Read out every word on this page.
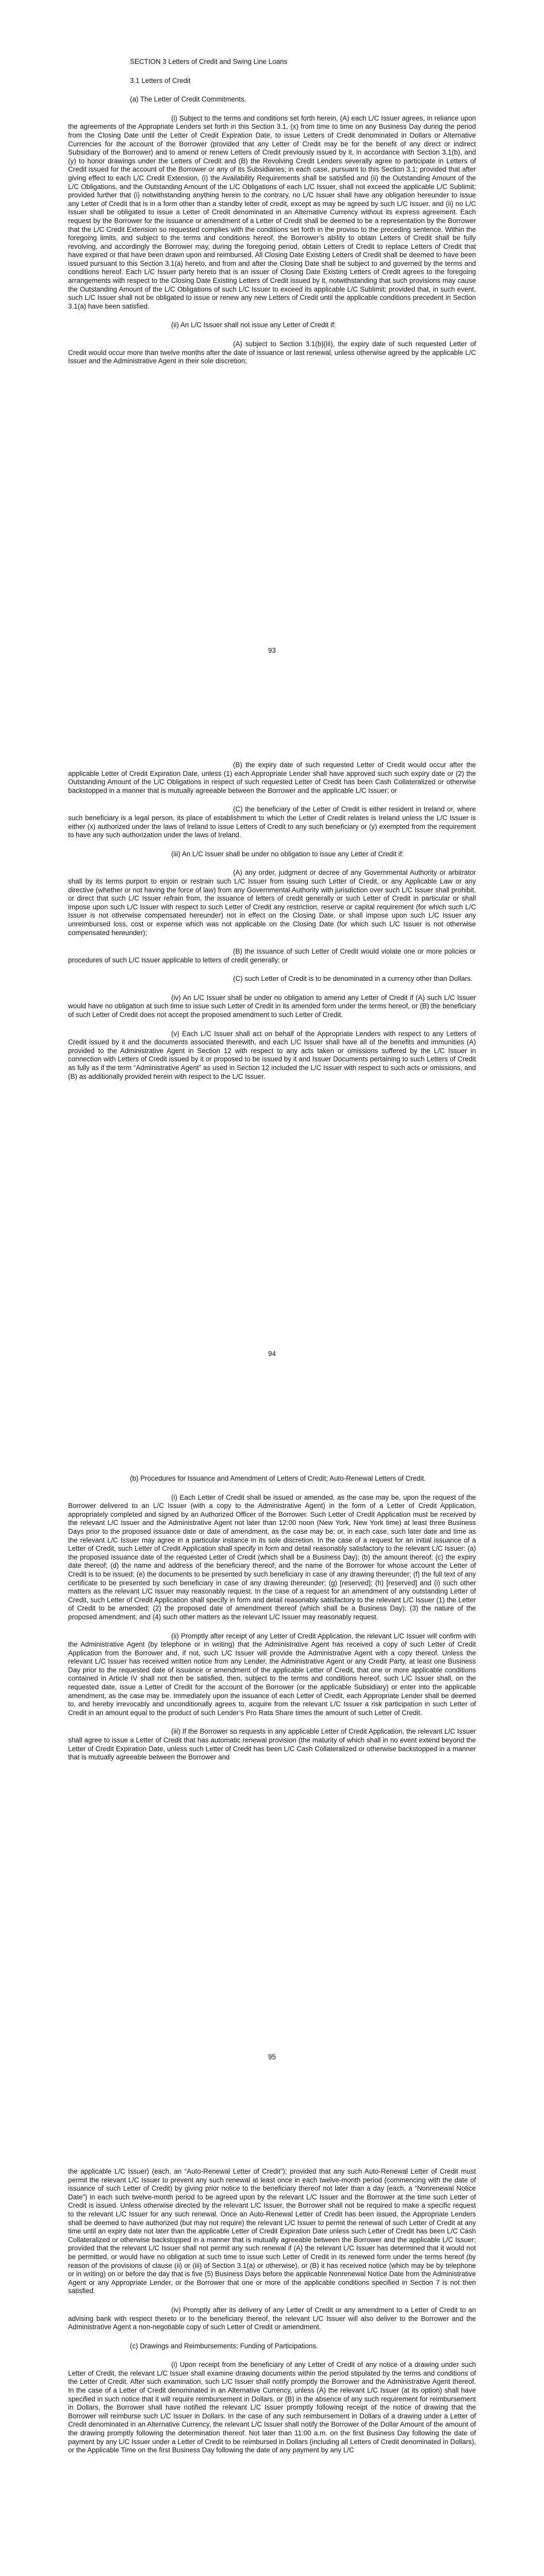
SECTION 3 Letters of Credit and Swing Line Loans

3.1 Letters of Credit

(a) The Letter of Credit Commitments.

(i) Subject to the terms and conditions set forth herein, (A) each L/C Issuer agrees, in reliance upon the agreements of the Appropriate Lenders set forth in this Section 3.1, (x) from time to time on any Business Day during the period from the Closing Date until the Letter of Credit Expiration Date, to issue Letters of Credit denominated in Dollars or Alternative Currencies for the account of the Borrower (provided that any Letter of Credit may be for the benefit of any direct or indirect Subsidiary of the Borrower) and to amend or renew Letters of Credit previously issued by it, in accordance with Section 3.1(b), and (y) to honor drawings under the Letters of Credit and (B) the Revolving Credit Lenders severally agree to participate in Letters of Credit issued for the account of the Borrower or any of its Subsidiaries; in each case, pursuant to this Section 3.1; provided that after giving effect to each L/C Credit Extension, (i) the Availability Requirements shall be satisfied and (ii) the Outstanding Amount of the L/C Obligations, and the Outstanding Amount of the L/C Obligations of each L/C Issuer, shall not exceed the applicable L/C Sublimit; provided further that (i) notwithstanding anything herein to the contrary, no L/C Issuer shall have any obligation hereunder to issue any Letter of Credit that is in a form other than a standby letter of credit, except as may be agreed by such L/C Issuer, and (ii) no L/C Issuer shall be obligated to issue a Letter of Credit denominated in an Alternative Currency without its express agreement. Each request by the Borrower for the issuance or amendment of a Letter of Credit shall be deemed to be a representation by the Borrower that the L/C Credit Extension so requested complies with the conditions set forth in the proviso to the preceding sentence. Within the foregoing limits, and subject to the terms and conditions hereof, the Borrower’s ability to obtain Letters of Credit shall be fully revolving, and accordingly the Borrower may, during the foregoing period, obtain Letters of Credit to replace Letters of Credit that have expired or that have been drawn upon and reimbursed. All Closing Date Existing Letters of Credit shall be deemed to have been issued pursuant to this Section 3.1(a) hereto, and from and after the Closing Date shall be subject to and governed by the terms and conditions hereof. Each L/C Issuer party hereto that is an issuer of Closing Date Existing Letters of Credit agrees to the foregoing arrangements with respect to the Closing Date Existing Letters of Credit issued by it, notwithstanding that such provisions may cause the Outstanding Amount of the L/C Obligations of such L/C Issuer to exceed its applicable L/C Sublimit; provided that, in such event, such L/C Issuer shall not be obligated to issue or renew any new Letters of Credit until the applicable conditions precedent in Section 3.1(a) have been satisfied.

(ii) An L/C Issuer shall not issue any Letter of Credit if:

(A) subject to Section 3.1(b)(iii), the expiry date of such requested Letter of Credit would occur more than twelve months after the date of issuance or last renewal, unless otherwise agreed by the applicable L/C Issuer and the Administrative Agent in their sole discretion;

93

(B) the expiry date of such requested Letter of Credit would occur after the applicable Letter of Credit Expiration Date, unless (1) each Appropriate Lender shall have approved such such expiry date or (2) the Outstanding Amount of the L/C Obligations in respect of such requested Letter of Credit has been Cash Collateralized or otherwise backstopped in a manner that is mutually agreeable between the Borrower and the applicable L/C Issuer; or

(C) the beneficiary of the Letter of Credit is either resident in Ireland or, where such beneficiary is a legal person, its place of establishment to which the Letter of Credit relates is Ireland unless the L/C Issuer is either (x) authorized under the laws of Ireland to issue Letters of Credit to any such beneficiary or (y) exempted from the requirement to have any such authorization under the laws of Ireland.

(iii) An L/C Issuer shall be under no obligation to issue any Letter of Credit if:

(A) any order, judgment or decree of any Governmental Authority or arbitrator shall by its terms purport to enjoin or restrain such L/C Issuer from issuing such Letter of Credit, or any Applicable Law or any directive (whether or not having the force of law) from any Governmental Authority with jurisdiction over such L/C Issuer shall prohibit, or direct that such L/C Issuer refrain from, the issuance of letters of credit generally or such Letter of Credit in particular or shall impose upon such L/C Issuer with respect to such Letter of Credit any restriction, reserve or capital requirement (for which such L/C Issuer is not otherwise compensated hereunder) not in effect on the Closing Date, or shall impose upon such L/C Issuer any unreimbursed loss, cost or expense which was not applicable on the Closing Date (for which such L/C Issuer is not otherwise compensated hereunder);

(B) the issuance of such Letter of Credit would violate one or more policies or procedures of such L/C Issuer applicable to letters of credit generally; or

(C) such Letter of Credit is to be denominated in a currency other than Dollars.

(iv) An L/C Issuer shall be under no obligation to amend any Letter of Credit if (A) such L/C Issuer would have no obligation at such time to issue such Letter of Credit in its amended form under the terms hereof, or (B) the beneficiary of such Letter of Credit does not accept the proposed amendment to such Letter of Credit.

(v) Each L/C Issuer shall act on behalf of the Appropriate Lenders with respect to any Letters of Credit issued by it and the documents associated therewith, and each L/C Issuer shall have all of the benefits and immunities (A) provided to the Administrative Agent in Section 12 with respect to any acts taken or omissions suffered by the L/C Issuer in connection with Letters of Credit issued by it or proposed to be issued by it and Issuer Documents pertaining to such Letters of Credit as fully as if the term “Administrative Agent” as used in Section 12 included the L/C Issuer with respect to such acts or omissions, and (B) as additionally provided herein with respect to the L/C Issuer.

94

(b) Procedures for Issuance and Amendment of Letters of Credit; Auto-Renewal Letters of Credit.

(i) Each Letter of Credit shall be issued or amended, as the case may be, upon the request of the Borrower delivered to an L/C Issuer (with a copy to the Administrative Agent) in the form of a Letter of Credit Application, appropriately completed and signed by an Authorized Officer of the Borrower. Such Letter of Credit Application must be received by the relevant L/C Issuer and the Administrative Agent not later than 12:00 noon (New York, New York time) at least three Business Days prior to the proposed issuance date or date of amendment, as the case may be; or, in each case, such later date and time as the relevant L/C Issuer may agree in a particular instance in its sole discretion. In the case of a request for an initial issuance of a Letter of Credit, such Letter of Credit Application shall specify in form and detail reasonably satisfactory to the relevant L/C Issuer: (a) the proposed issuance date of the requested Letter of Credit (which shall be a Business Day); (b) the amount thereof; (c) the expiry date thereof; (d) the name and address of the beneficiary thereof; and the name of the Borrower for whose account the Letter of Credit is to be issued; (e) the documents to be presented by such beneficiary in case of any drawing thereunder; (f) the full text of any certificate to be presented by such beneficiary in case of any drawing thereunder; (g) [reserved]; (h) [reserved] and (i) such other matters as the relevant L/C Issuer may reasonably request. In the case of a request for an amendment of any outstanding Letter of Credit, such Letter of Credit Application shall specify in form and detail reasonably satisfactory to the relevant L/C Issuer (1) the Letter of Credit to be amended; (2) the proposed date of amendment thereof (which shall be a Business Day); (3) the nature of the proposed amendment; and (4) such other matters as the relevant L/C Issuer may reasonably request.

(ii) Promptly after receipt of any Letter of Credit Application, the relevant L/C Issuer will confirm with the Administrative Agent (by telephone or in writing) that the Administrative Agent has received a copy of such Letter of Credit Application from the Borrower and, if not, such L/C Issuer will provide the Administrative Agent with a copy thereof. Unless the relevant L/C Issuer has received written notice from any Lender, the Administrative Agent or any Credit Party, at least one Business Day prior to the requested date of issuance or amendment of the applicable Letter of Credit, that one or more applicable conditions contained in Article IV shall not then be satisfied, then, subject to the terms and conditions hereof, such L/C Issuer shall, on the requested date, issue a Letter of Credit for the account of the Borrower (or the applicable Subsidiary) or enter into the applicable amendment, as the case may be. Immediately upon the issuance of each Letter of Credit, each Appropriate Lender shall be deemed to, and hereby irrevocably and unconditionally agrees to, acquire from the relevant L/C Issuer a risk participation in such Letter of Credit in an amount equal to the product of such Lender’s Pro Rata Share times the amount of such Letter of Credit.

(iii) If the Borrower so requests in any applicable Letter of Credit Application, the relevant L/C Issuer shall agree to issue a Letter of Credit that has automatic renewal provision (the maturity of which shall in no event extend beyond the Letter of Credit Expiration Date, unless such Letter of Credit has been L/C Cash Collateralized or otherwise backstopped in a manner that is mutually agreeable between the Borrower and

95

the applicable L/C Issuer) (each, an “Auto-Renewal Letter of Credit”); provided that any such Auto-Renewal Letter of Credit must permit the relevant L/C Issuer to prevent any such renewal at least once in each twelve-month period (commencing with the date of issuance of such Letter of Credit) by giving prior notice to the beneficiary thereof not later than a day (each, a “Nonrenewal Notice Date”) in each such twelve-month period to be agreed upon by the relevant L/C Issuer and the Borrower at the time such Letter of Credit is issued. Unless otherwise directed by the relevant L/C Issuer, the Borrower shall not be required to make a specific request to the relevant L/C Issuer for any such renewal. Once an Auto-Renewal Letter of Credit has been issued, the Appropriate Lenders shall be deemed to have authorized (but may not require) the relevant L/C Issuer to permit the renewal of such Letter of Credit at any time until an expiry date not later than the applicable Letter of Credit Expiration Date unless such Letter of Credit has been L/C Cash Collateralized or otherwise backstopped in a manner that is mutually agreeable between the Borrower and the applicable L/C Issuer; provided that the relevant L/C Issuer shall not permit any such renewal if (A) the relevant L/C Issuer has determined that it would not be permitted, or would have no obligation at such time to issue such Letter of Credit in its renewed form under the terms hereof (by reason of the provisions of clause (ii) or (iii) of Section 3.1(a) or otherwise), or (B) it has received notice (which may be by telephone or in writing) on or before the day that is five (5) Business Days before the applicable Nonrenewal Notice Date from the Administrative Agent or any Appropriate Lender, or the Borrower that one or more of the applicable conditions specified in Section 7 is not then satisfied.

(iv) Promptly after its delivery of any Letter of Credit or any amendment to a Letter of Credit to an advising bank with respect thereto or to the beneficiary thereof, the relevant L/C Issuer will also deliver to the Borrower and the Administrative Agent a non-negotiable copy of such Letter of Credit or amendment.

(c) Drawings and Reimbursements; Funding of Participations.

(i) Upon receipt from the beneficiary of any Letter of Credit of any notice of a drawing under such Letter of Credit, the relevant L/C Issuer shall examine drawing documents within the period stipulated by the terms and conditions of the Letter of Credit. After such examination, such L/C Issuer shall notify promptly the Borrower and the Administrative Agent thereof. In the case of a Letter of Credit denominated in an Alternative Currency, unless (A) the relevant L/C Issuer (at its option) shall have specified in such notice that it will require reimbursement in Dollars, or (B) in the absence of any such requirement for reimbursement in Dollars, the Borrower shall have notified the relevant L/C Issuer promptly following receipt of the notice of drawing that the Borrower will reimburse such L/C Issuer in Dollars. In the case of any such reimbursement in Dollars of a drawing under a Letter of Credit denominated in an Alternative Currency, the relevant L/C Issuer shall notify the Borrower of the Dollar Amount of the amount of the drawing promptly following the determination thereof. Not later than 11:00 a.m. on the first Business Day following the date of payment by any L/C Issuer under a Letter of Credit to be reimbursed in Dollars (including all Letters of Credit denominated in Dollars), or the Applicable Time on the first Business Day following the date of any payment by any L/C
